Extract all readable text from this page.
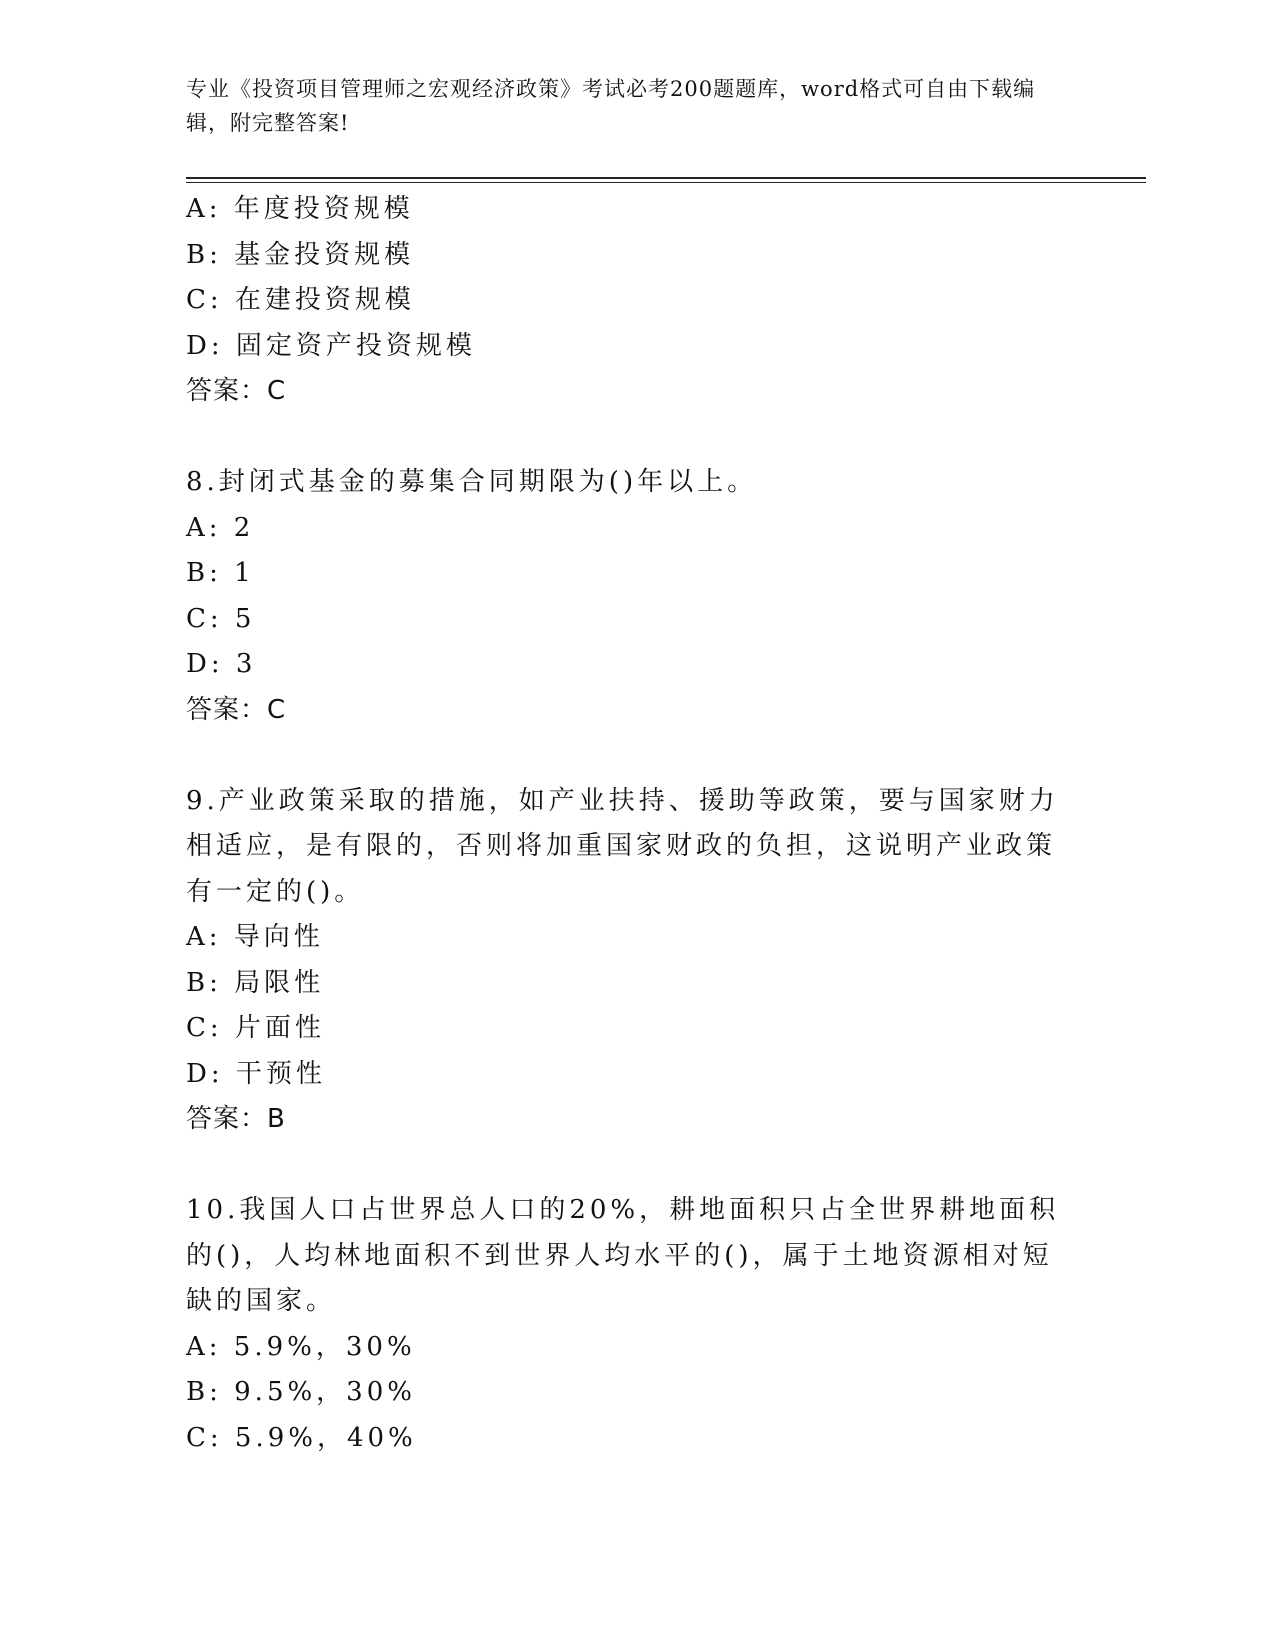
专业《投资项目管理师之宏观经济政策》考试必考200题题库，word格式可自由下载编辑，附完整答案!
A: 年度投资规模
B: 基金投资规模
C: 在建投资规模
D: 固定资产投资规模
答案：C
8.封闭式基金的募集合同期限为()年以上。
A: 2
B: 1
C: 5
D: 3
答案：C
9.产业政策采取的措施，如产业扶持、援助等政策，要与国家财力相适应，是有限的，否则将加重国家财政的负担，这说明产业政策有一定的()。
A: 导向性
B: 局限性
C: 片面性
D: 干预性
答案：B
10.我国人口占世界总人口的20%，耕地面积只占全世界耕地面积的()，人均林地面积不到世界人均水平的()，属于土地资源相对短缺的国家。
A: 5.9%，30%
B: 9.5%，30%
C: 5.9%，40%
